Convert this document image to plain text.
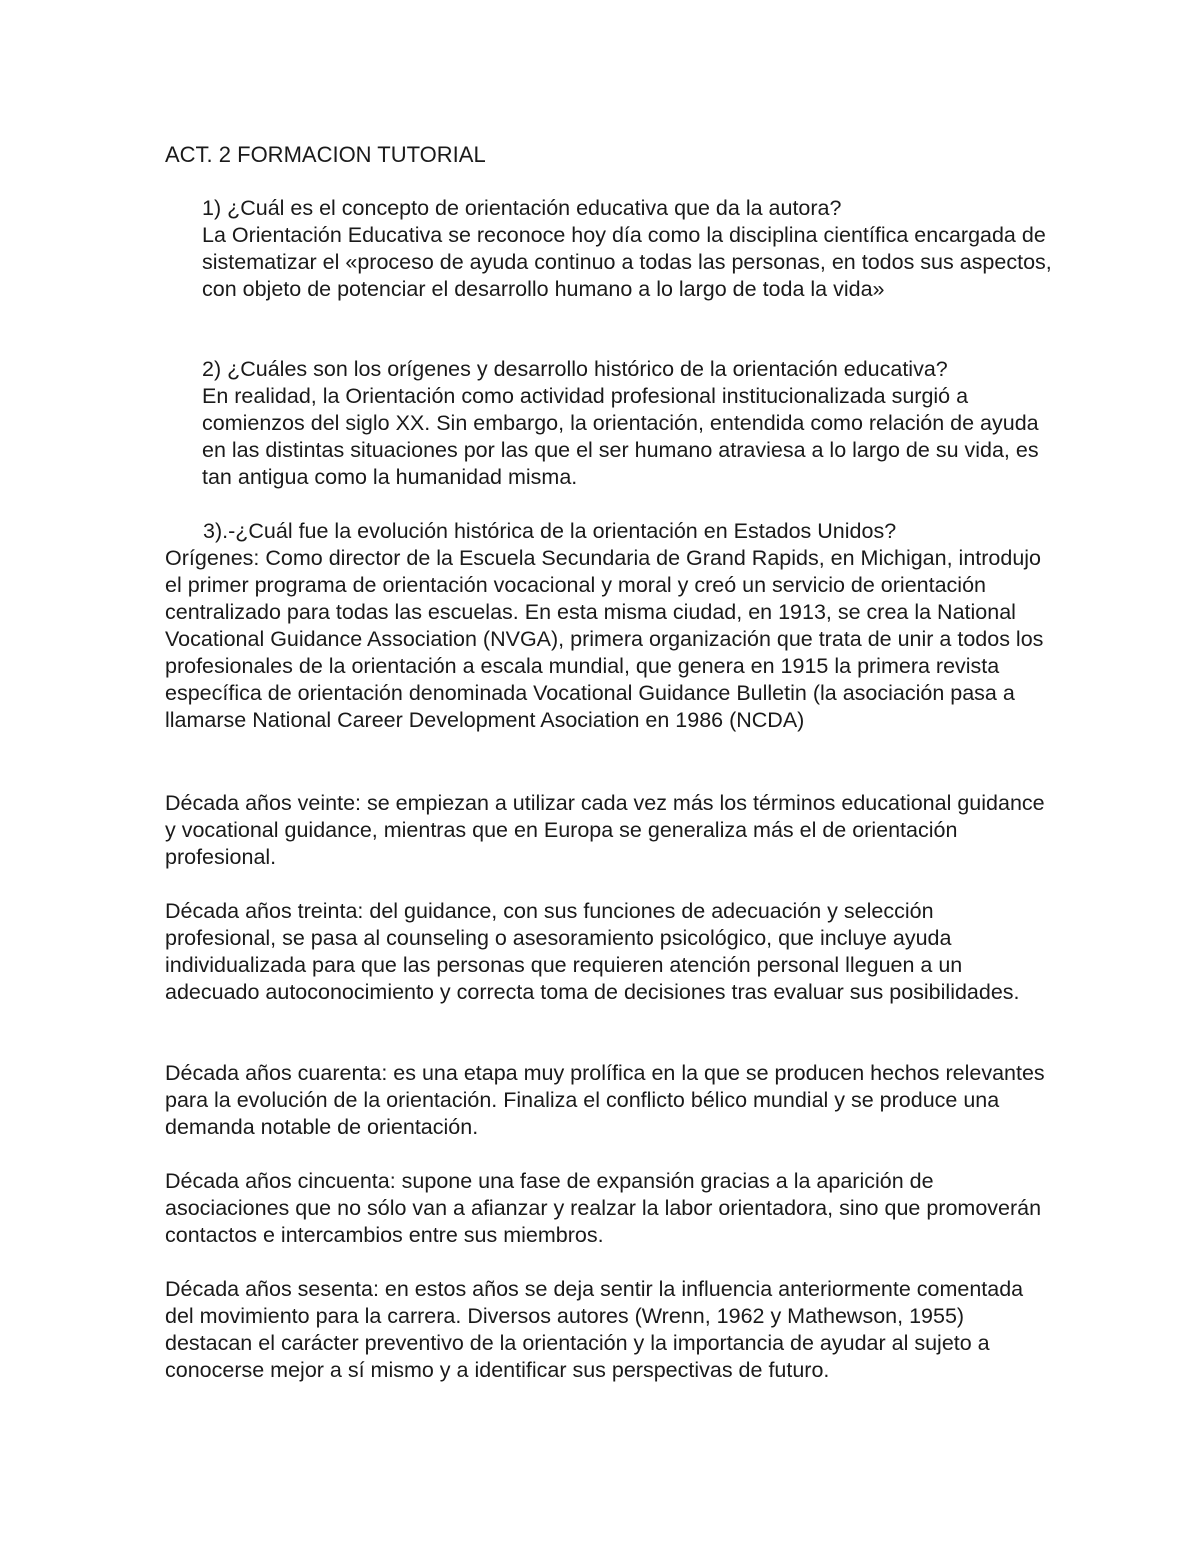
ACT. 2 FORMACION TUTORIAL
1) ¿Cuál es el concepto de orientación educativa que da la autora?
La Orientación Educativa se reconoce hoy día como la disciplina científica encargada de sistematizar el «proceso de ayuda continuo a todas las personas, en todos sus aspectos, con objeto de potenciar el desarrollo humano a lo largo de toda la vida»
2) ¿Cuáles son los orígenes y desarrollo histórico de la orientación educativa?
En realidad, la Orientación como actividad profesional institucionalizada surgió a comienzos del siglo XX. Sin embargo, la orientación, entendida como relación de ayuda en las distintas situaciones por las que el ser humano atraviesa a lo largo de su vida, es tan antigua como la humanidad misma.
3).-¿Cuál fue la evolución histórica de la orientación en Estados Unidos?
Orígenes: Como director de la Escuela Secundaria de Grand Rapids, en Michigan, introdujo el primer programa de orientación vocacional y moral y creó un servicio de orientación centralizado para todas las escuelas. En esta misma ciudad, en 1913, se crea la National Vocational Guidance Association (NVGA), primera organización que trata de unir a todos los profesionales de la orientación a escala mundial, que genera en 1915 la primera revista específica de orientación denominada Vocational Guidance Bulletin (la asociación pasa a llamarse National Career Development Asociation en 1986 (NCDA)

Década años veinte: se empiezan a utilizar cada vez más los términos educational guidance y vocational guidance, mientras que en Europa se generaliza más el de orientación profesional.

Década años treinta: del guidance, con sus funciones de adecuación y selección profesional, se pasa al counseling o asesoramiento psicológico, que incluye ayuda individualizada para que las personas que requieren atención personal lleguen a un adecuado autoconocimiento y correcta toma de decisiones tras evaluar sus posibilidades.

Década años cuarenta: es una etapa muy prolífica en la que se producen hechos relevantes para la evolución de la orientación. Finaliza el conflicto bélico mundial y se produce una demanda notable de orientación.

Década años cincuenta: supone una fase de expansión gracias a la aparición de asociaciones que no sólo van a afianzar y realzar la labor orientadora, sino que promoverán contactos e intercambios entre sus miembros.

Década años sesenta: en estos años se deja sentir la influencia anteriormente comentada del movimiento para la carrera. Diversos autores (Wrenn, 1962 y Mathewson, 1955) destacan el carácter preventivo de la orientación y la importancia de ayudar al sujeto a conocerse mejor a sí mismo y a identificar sus perspectivas de futuro.
